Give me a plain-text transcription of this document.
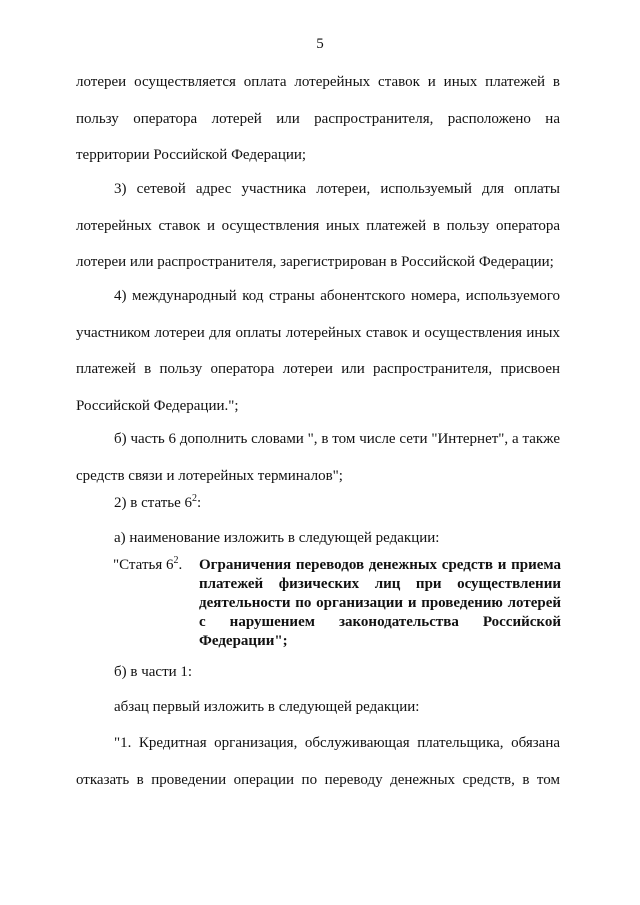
5
лотереи осуществляется оплата лотерейных ставок и иных платежей в
пользу оператора лотерей или распространителя, расположено на
территории Российской Федерации;
3) сетевой адрес участника лотереи, используемый для оплаты
лотерейных ставок и осуществления иных платежей в пользу оператора
лотереи или распространителя, зарегистрирован в Российской Федерации;
4) международный код страны абонентского номера, используемого
участником лотереи для оплаты лотерейных ставок и осуществления иных
платежей в пользу оператора лотереи или распространителя, присвоен
Российской Федерации.";
б) часть 6 дополнить словами ", в том числе сети "Интернет", а также
средств связи и лотерейных терминалов";
2) в статье $6^2$:
а) наименование изложить в следующей редакции:
"Статья $6^2$. Ограничения переводов денежных средств и приема
платежей физических лиц при осуществлении
деятельности по организации и проведению лотерей
с нарушением законодательства Российской
Федерации";
б) в части 1:
абзац первый изложить в следующей редакции:
"1. Кредитная организация, обслуживающая плательщика, обязана
отказать в проведении операции по переводу денежных средств, в том
